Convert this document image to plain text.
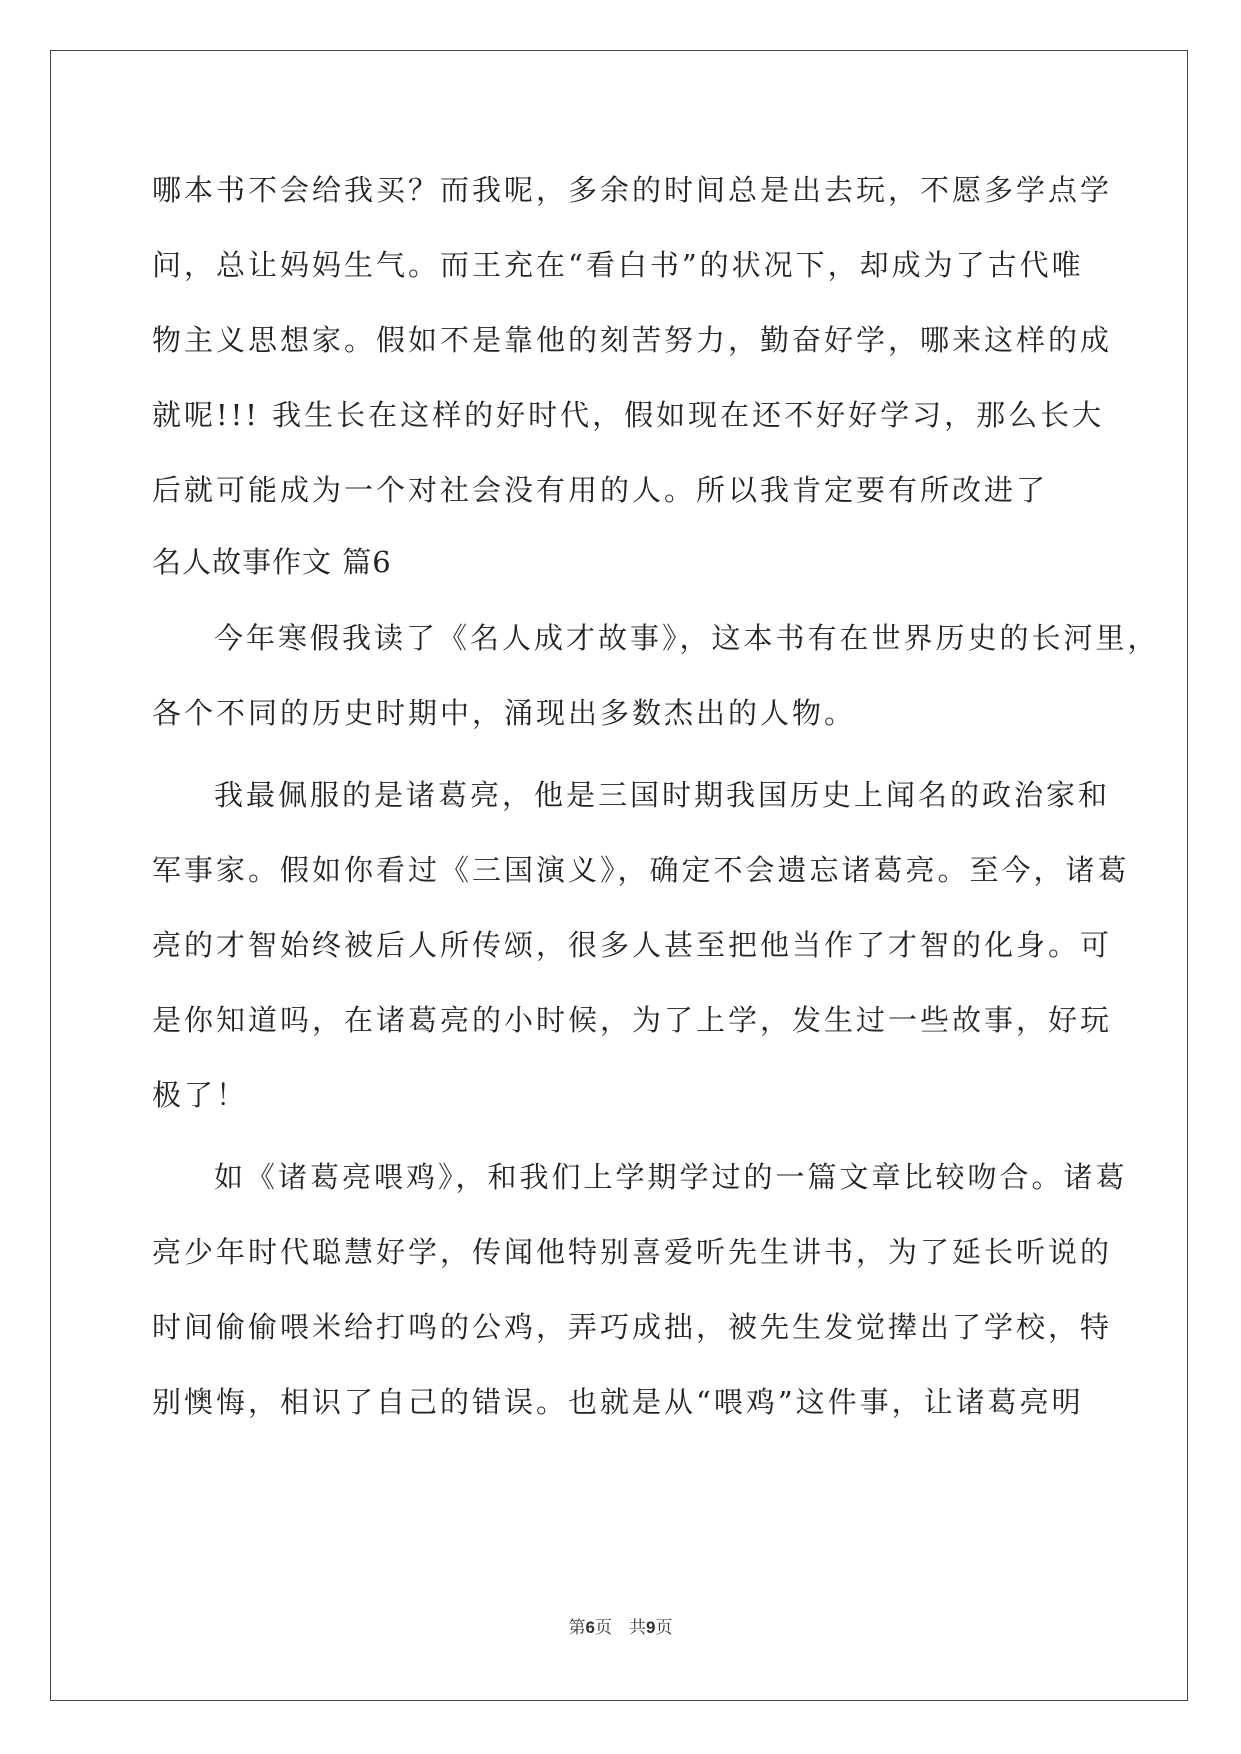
哪本书不会给我买？而我呢，多余的时间总是出去玩，不愿多学点学
问，总让妈妈生气。而王充在“看白书”的状况下，却成为了古代唯
物主义思想家。假如不是靠他的刻苦努力，勤奋好学，哪来这样的成
就呢!!! 我生长在这样的好时代，假如现在还不好好学习，那么长大
后就可能成为一个对社会没有用的人。所以我肯定要有所改进了
名人故事作文 篇6
今年寒假我读了《名人成才故事》，这本书有在世界历史的长河里，
各个不同的历史时期中，涌现出多数杰出的人物。
我最佩服的是诸葛亮，他是三国时期我国历史上闻名的政治家和
军事家。假如你看过《三国演义》，确定不会遗忘诸葛亮。至今，诸葛
亮的才智始终被后人所传颂，很多人甚至把他当作了才智的化身。可
是你知道吗，在诸葛亮的小时候，为了上学，发生过一些故事，好玩
极了！
如《诸葛亮喂鸡》，和我们上学期学过的一篇文章比较吻合。诸葛
亮少年时代聪慧好学，传闻他特别喜爱听先生讲书，为了延长听说的
时间偷偷喂米给打鸣的公鸡，弄巧成拙，被先生发觉撵出了学校，特
别懊悔，相识了自己的错误。也就是从“喂鸡”这件事，让诸葛亮明
第6页　共9页
